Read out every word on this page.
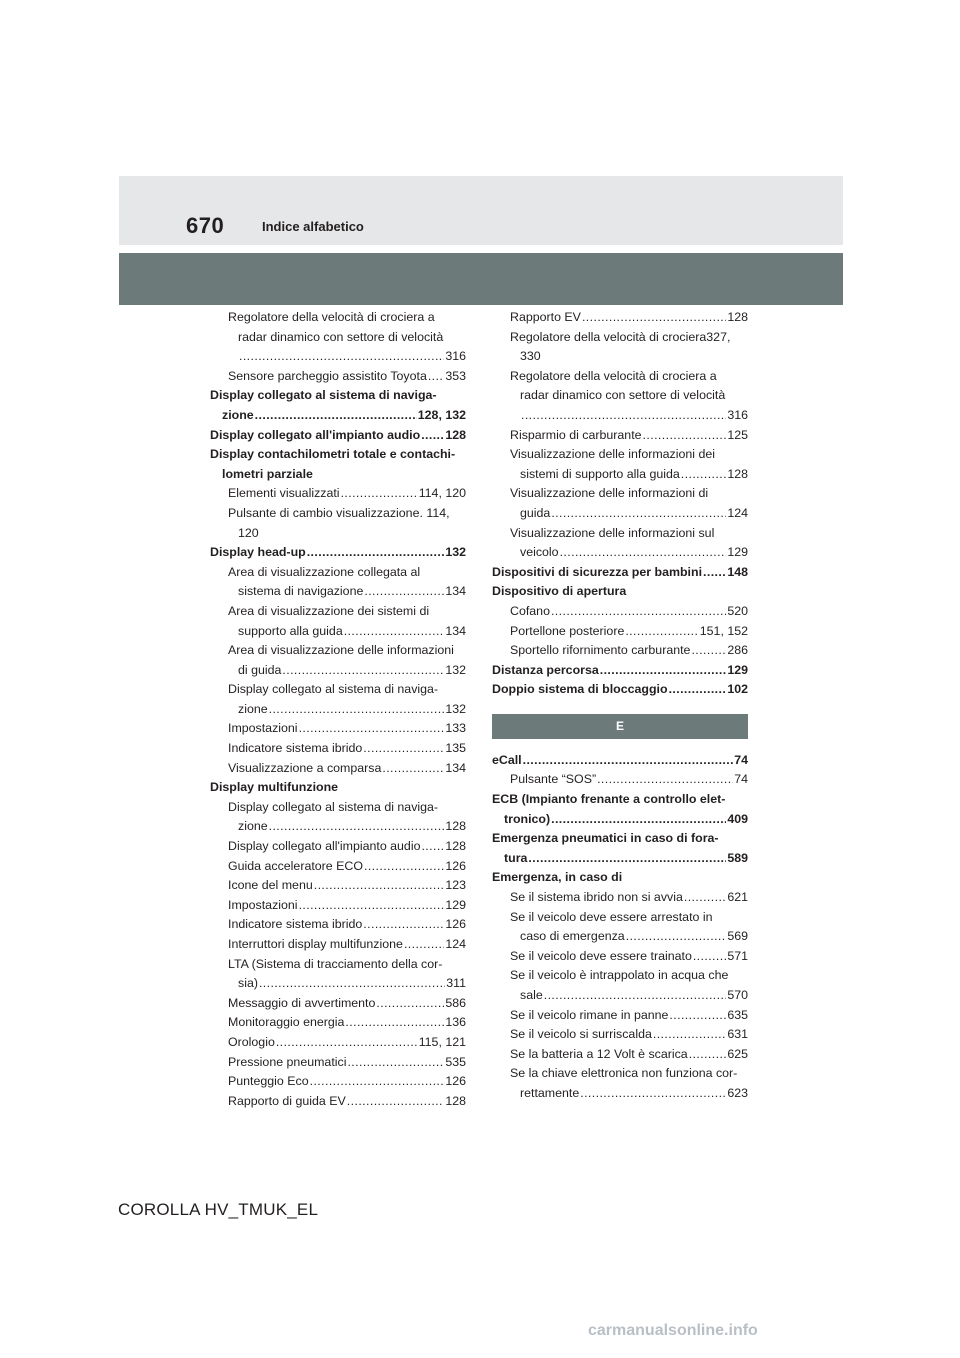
670	Indice alfabetico
Regolatore della velocità di crociera a
radar dinamico con settore di velocità
.....
316
Sensore parcheggio assistito Toyota ..... 353
Display collegato al sistema di naviga-
zione .....	128, 132
Display collegato all'impianto audio ..... 128
Display contachilometri totale e contachi-
lometri parziale
Elementi visualizzati .....	114, 120
Pulsante di cambio visualizzazione. 114,
120
Display head-up .....	132
Area di visualizzazione collegata al
sistema di navigazione .....	134
Area di visualizzazione dei sistemi di
supporto alla guida .....	134
Area di visualizzazione delle informazioni
di guida .....	132
Display collegato al sistema di naviga-
zione .....	132
Impostazioni .....	133
Indicatore sistema ibrido .....	135
Visualizzazione a comparsa .....	134
Display multifunzione
Display collegato al sistema di naviga-
zione .....	128
Display collegato all'impianto audio ..... 128
Guida acceleratore ECO .....	126
Icone del menu .....	123
Impostazioni .....	129
Indicatore sistema ibrido .....	126
Interruttori display multifunzione .....	124
LTA (Sistema di tracciamento della cor-
sia) .....	311
Messaggio di avvertimento .....	586
Monitoraggio energia .....	136
Orologio .....	115, 121
Pressione pneumatici .....	535
Punteggio Eco .....	126
Rapporto di guida EV .....	128
Rapporto EV .....	128
Regolatore della velocità di crociera327,
330
Regolatore della velocità di crociera a
radar dinamico con settore di velocità
.....
316
Risparmio di carburante .....	125
Visualizzazione delle informazioni dei
sistemi di supporto alla guida .....	128
Visualizzazione delle informazioni di
guida .....	124
Visualizzazione delle informazioni sul
veicolo .....	129
Dispositivi di sicurezza per bambini ..... 148
Dispositivo di apertura
Cofano .....	520
Portellone posteriore .....	151, 152
Sportello rifornimento carburante .....	286
Distanza percorsa .....	129
Doppio sistema di bloccaggio .....	102
E
eCall .....	74
Pulsante “SOS” .....	74
ECB (Impianto frenante a controllo elet-
tronico) .....	409
Emergenza pneumatici in caso di fora-
tura .....	589
Emergenza, in caso di
Se il sistema ibrido non si avvia .....	621
Se il veicolo deve essere arrestato in
caso di emergenza .....	569
Se il veicolo deve essere trainato .....	571
Se il veicolo è intrappolato in acqua che
sale .....	570
Se il veicolo rimane in panne .....	635
Se il veicolo si surriscalda .....	631
Se la batteria a 12 Volt è scarica .....	625
Se la chiave elettronica non funziona cor-
rettamente .....	623
COROLLA HV_TMUK_EL
carmanualsonline.info
